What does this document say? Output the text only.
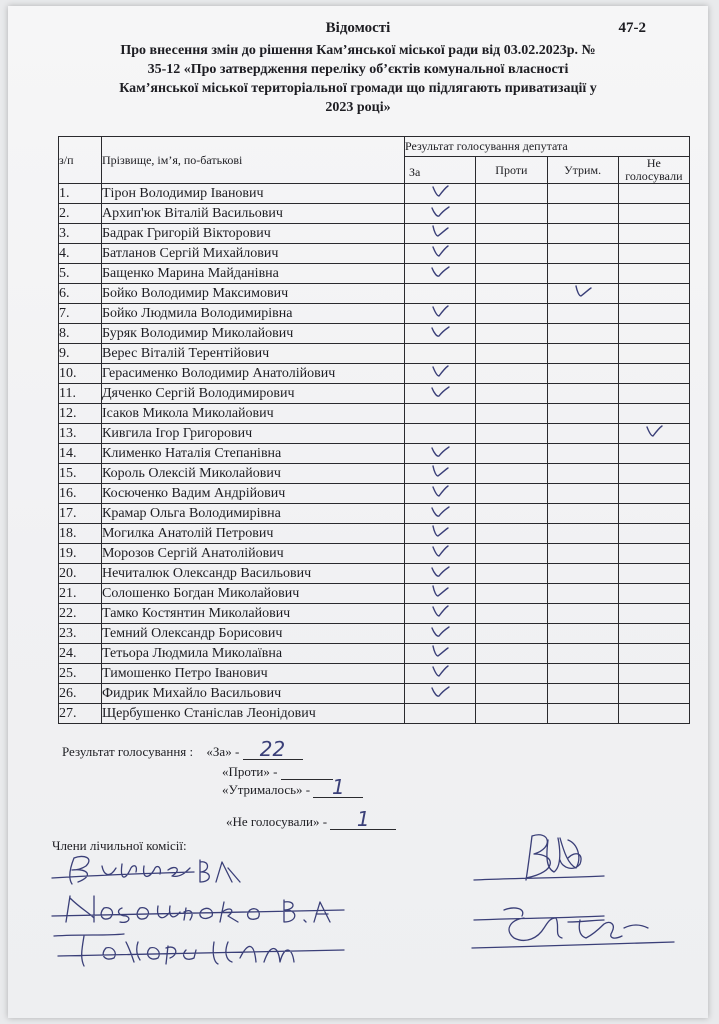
Відомості	47-2
Про внесення змін до рішення Кам’янської міської ради від 03.02.2023р. №
35-12 «Про затвердження переліку об’єктів комунальної власності
Кам’янської міської територіальної громади що підлягають приватизації у
2023 році»
з/п	Прізвище, ім’я, по-батькові	Результат голосування депутата			
		За	Проти	Утрим.	Не
голосували
1.	Тірон Володимир Іванович				
2.	Архип'юк Віталій Васильович				
3.	Бадрак Григорій Вікторович				
4.	Батланов Сергій Михайлович				
5.	Бащенко Марина Майданівна				
6.	Бойко Володимир Максимович				
7.	Бойко Людмила Володимирівна				
8.	Буряк Володимир Миколайович				
9.	Верес Віталій Терентійович				
10.	Герасименко Володимир Анатолійович				
11.	Дяченко Сергій Володимирович				
12.	Ісаков Микола Миколайович				
13.	Кивгила Ігор Григорович				
14.	Клименко Наталія Степанівна				
15.	Король Олексій Миколайович				
16.	Косюченко Вадим Андрійович				
17.	Крамар Ольга Володимирівна				
18.	Могилка Анатолій Петрович				
19.	Морозов Сергій Анатолійович				
20.	Нечиталюк Олександр Васильович				
21.	Солошенко Богдан Миколайович				
22.	Тамко Костянтин Миколайович				
23.	Темний Олександр Борисович				
24.	Тетьора Людмила Миколаївна				
25.	Тимошенко Петро Іванович				
26.	Фидрик Михайло Васильович				
27.	Щербушенко Станіслав Леонідович				
Результат голосування : «За» -	22
«Проти» -
«Утрималось» -	1
«Не голосували» -	1
Члени лічильної комісії:
